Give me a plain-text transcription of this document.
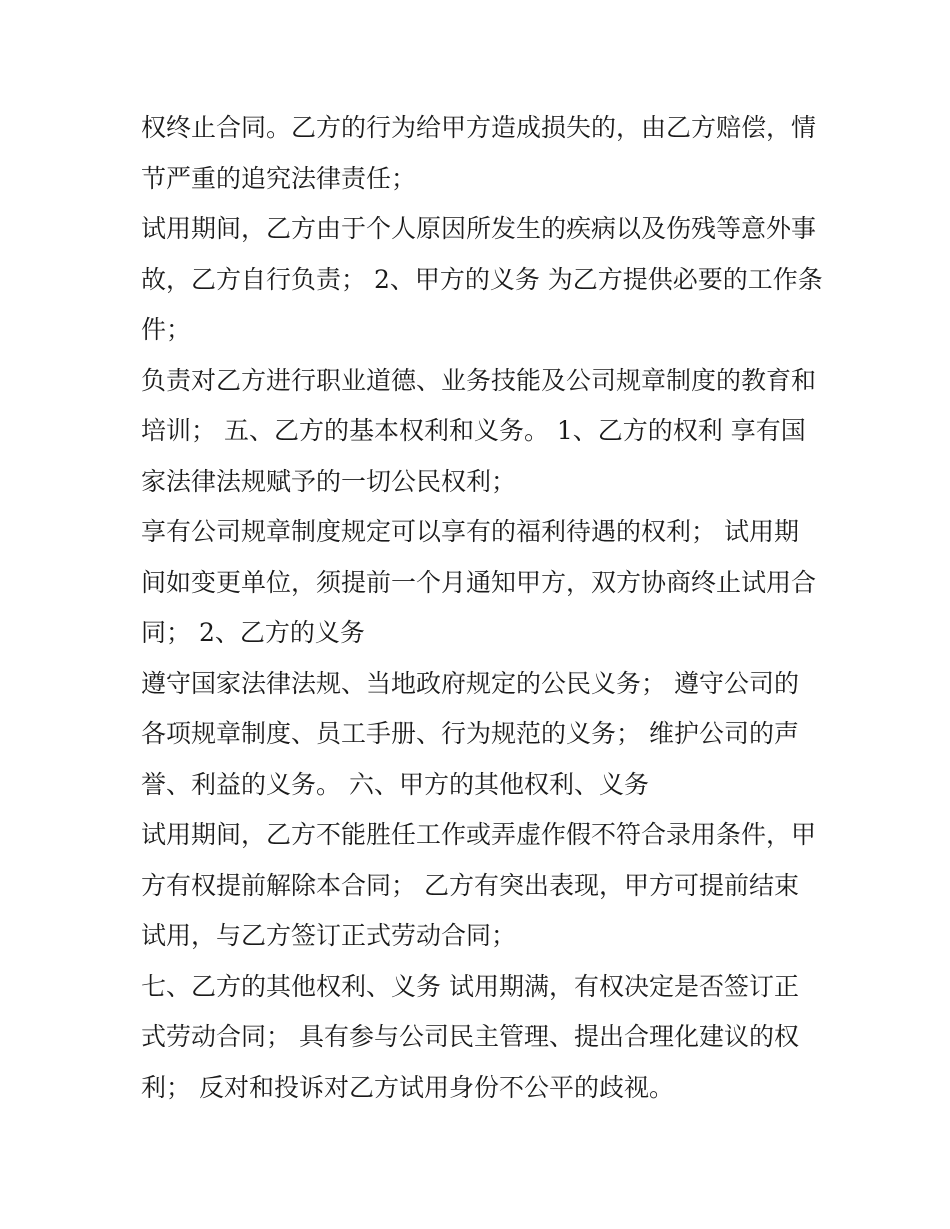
权终止合同。乙方的行为给甲方造成损失的，由乙方赔偿，情
节严重的追究法律责任；
试用期间，乙方由于个人原因所发生的疾病以及伤残等意外事
故，乙方自行负责； 2、甲方的义务 为乙方提供必要的工作条
件；
负责对乙方进行职业道德、业务技能及公司规章制度的教育和
培训； 五、乙方的基本权利和义务。 1、乙方的权利 享有国
家法律法规赋予的一切公民权利；
享有公司规章制度规定可以享有的福利待遇的权利； 试用期
间如变更单位，须提前一个月通知甲方，双方协商终止试用合
同； 2、乙方的义务
遵守国家法律法规、当地政府规定的公民义务； 遵守公司的
各项规章制度、员工手册、行为规范的义务； 维护公司的声
誉、利益的义务。 六、甲方的其他权利、义务
试用期间，乙方不能胜任工作或弄虚作假不符合录用条件，甲
方有权提前解除本合同； 乙方有突出表现，甲方可提前结束
试用，与乙方签订正式劳动合同；
七、乙方的其他权利、义务 试用期满，有权决定是否签订正
式劳动合同； 具有参与公司民主管理、提出合理化建议的权
利； 反对和投诉对乙方试用身份不公平的歧视。
